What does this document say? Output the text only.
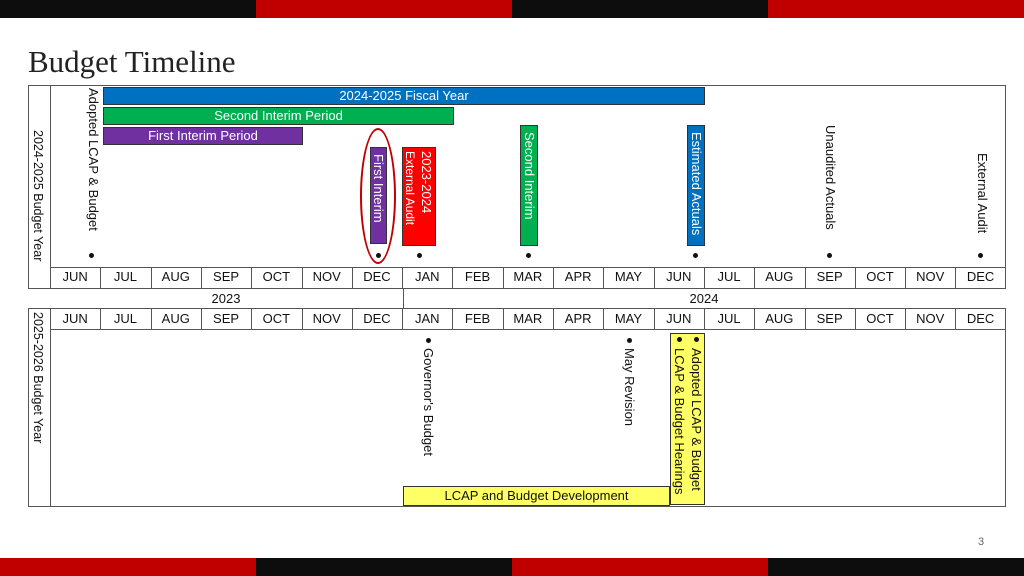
Budget Timeline
2024-2025 Budget Year
2025-2026 Budget Year
JUN	JUL	AUG	SEP	OCT	NOV	DEC	JAN	FEB	MAR	APR	MAY	JUN	JUL	AUG	SEP	OCT	NOV	DEC
JUN	JUL	AUG	SEP	OCT	NOV	DEC	JAN	FEB	MAR	APR	MAY	JUN	JUL	AUG	SEP	OCT	NOV	DEC
2023	2024
Adopted LCAP & Budget	2024-2025 Fiscal Year
Second Interim Period
First Interim Period
First Interim	2023-2024
External Audit	Second Interim	Estimated Actuals	Unaudited Actuals	External Audit
Governor's Budget	May Revision	Adopted LCAP & Budget
LCAP & Budget Hearings
LCAP and Budget Development
3
